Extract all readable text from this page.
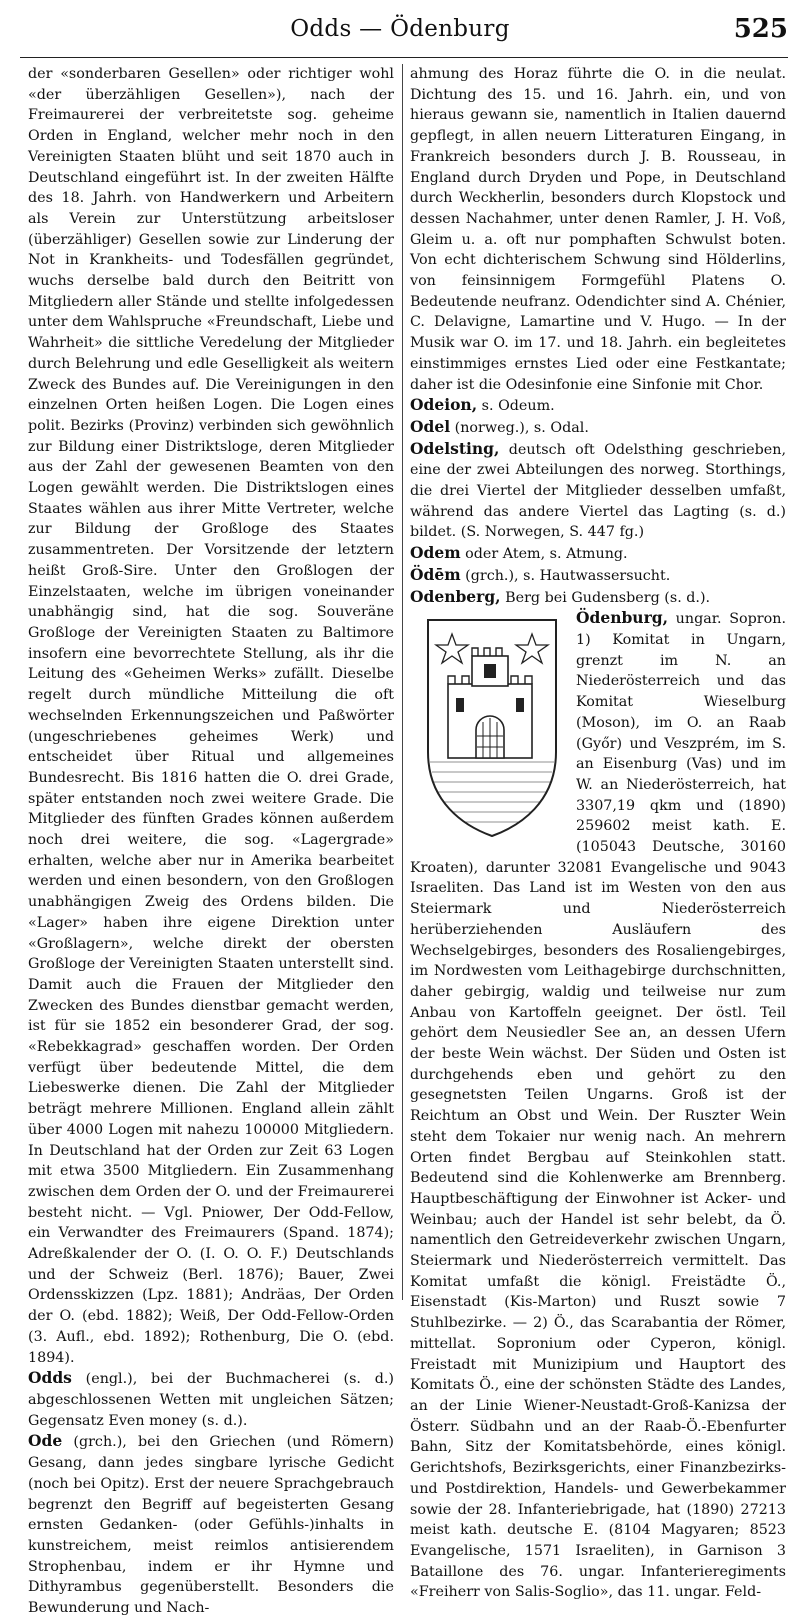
Odds — Ödenburg	525

der «sonderbaren Gesellen» oder richtiger wohl «der überzähligen Gesellen»), nach der Freimaurerei der verbreitetste sog. geheime Orden in England, welcher mehr noch in den Vereinigten Staaten blüht und seit 1870 auch in Deutschland eingeführt ist. In der zweiten Hälfte des 18. Jahrh. von Handwerkern und Arbeitern als Verein zur Unterstützung arbeitsloser (überzähliger) Gesellen sowie zur Linderung der Not in Krankheits- und Todesfällen gegründet, wuchs derselbe bald durch den Beitritt von Mitgliedern aller Stände und stellte infolgedessen unter dem Wahlspruche «Freundschaft, Liebe und Wahrheit» die sittliche Veredelung der Mitglieder durch Belehrung und edle Geselligkeit als weitern Zweck des Bundes auf. Die Vereinigungen in den einzelnen Orten heißen Logen. Die Logen eines polit. Bezirks (Provinz) verbinden sich gewöhnlich zur Bildung einer Distriktsloge, deren Mitglieder aus der Zahl der gewesenen Beamten von den Logen gewählt werden. Die Distriktslogen eines Staates wählen aus ihrer Mitte Vertreter, welche zur Bildung der Großloge des Staates zusammentreten. Der Vorsitzende der letztern heißt Groß-Sire. Unter den Großlogen der Einzelstaaten, welche im übrigen voneinander unabhängig sind, hat die sog. Souveräne Großloge der Vereinigten Staaten zu Baltimore insofern eine bevorrechtete Stellung, als ihr die Leitung des «Geheimen Werks» zufällt. Dieselbe regelt durch mündliche Mitteilung die oft wechselnden Erkennungszeichen und Paßwörter (ungeschriebenes geheimes Werk) und entscheidet über Ritual und allgemeines Bundesrecht. Bis 1816 hatten die O. drei Grade, später entstanden noch zwei weitere Grade. Die Mitglieder des fünften Grades können außerdem noch drei weitere, die sog. «Lagergrade» erhalten, welche aber nur in Amerika bearbeitet werden und einen besondern, von den Großlogen unabhängigen Zweig des Ordens bilden. Die «Lager» haben ihre eigene Direktion unter «Großlagern», welche direkt der obersten Großloge der Vereinigten Staaten unterstellt sind. Damit auch die Frauen der Mitglieder den Zwecken des Bundes dienstbar gemacht werden, ist für sie 1852 ein besonderer Grad, der sog. «Rebekkagrad» geschaffen worden. Der Orden verfügt über bedeutende Mittel, die dem Liebeswerke dienen. Die Zahl der Mitglieder beträgt mehrere Millionen. England allein zählt über 4000 Logen mit nahezu 100000 Mitgliedern. In Deutschland hat der Orden zur Zeit 63 Logen mit etwa 3500 Mitgliedern. Ein Zusammenhang zwischen dem Orden der O. und der Freimaurerei besteht nicht. — Vgl. Pniower, Der Odd-Fellow, ein Verwandter des Freimaurers (Spand. 1874); Adreßkalender der O. (I. O. O. F.) Deutschlands und der Schweiz (Berl. 1876); Bauer, Zwei Ordensskizzen (Lpz. 1881); Andräas, Der Orden der O. (ebd. 1882); Weiß, Der Odd-Fellow-Orden (3. Aufl., ebd. 1892); Rothenburg, Die O. (ebd. 1894).

Odds (engl.), bei der Buchmacherei (s. d.) abgeschlossenen Wetten mit ungleichen Sätzen; Gegensatz Even money (s. d.).

Ode (grch.), bei den Griechen (und Römern) Gesang, dann jedes singbare lyrische Gedicht (noch bei Opitz). Erst der neuere Sprachgebrauch begrenzt den Begriff auf begeisterten Gesang ernsten Gedanken- (oder Gefühls-)inhalts in kunstreichem, meist reimlos antisierendem Strophenbau, indem er ihr Hymne und Dithyrambus gegenüberstellt. Besonders die Bewunderung und Nach-

ahmung des Horaz führte die O. in die neulat. Dichtung des 15. und 16. Jahrh. ein, und von hieraus gewann sie, namentlich in Italien dauernd gepflegt, in allen neuern Litteraturen Eingang, in Frankreich besonders durch J. B. Rousseau, in England durch Dryden und Pope, in Deutschland durch Weckherlin, besonders durch Klopstock und dessen Nachahmer, unter denen Ramler, J. H. Voß, Gleim u. a. oft nur pomphaften Schwulst boten. Von echt dichterischem Schwung sind Hölderlins, von feinsinnigem Formgefühl Platens O. Bedeutende neufranz. Odendichter sind A. Chénier, C. Delavigne, Lamartine und V. Hugo. — In der Musik war O. im 17. und 18. Jahrh. ein begleitetes einstimmiges ernstes Lied oder eine Festkantate; daher ist die Odesinfonie eine Sinfonie mit Chor.

Odeion, s. Odeum.

Odel (norweg.), s. Odal.

Odelsting, deutsch oft Odelsthing geschrieben, eine der zwei Abteilungen des norweg. Storthings, die drei Viertel der Mitglieder desselben umfaßt, während das andere Viertel das Lagting (s. d.) bildet. (S. Norwegen, S. 447 fg.)

Odem oder Atem, s. Atmung.

Ödēm (grch.), s. Hautwassersucht.

Odenberg, Berg bei Gudensberg (s. d.).

Ödenburg, ungar. Sopron. 1) Komitat in Ungarn, grenzt im N. an Niederösterreich und das Komitat Wieselburg (Moson), im O. an Raab (Győr) und Veszprém, im S. an Eisenburg (Vas) und im W. an Niederösterreich, hat 3307,19 qkm und (1890) 259602 meist kath. E. (105043 Deutsche, 30160 Kroaten), darunter 32081 Evangelische und 9043 Israeliten. Das Land ist im Westen von den aus Steiermark und Niederösterreich herüberziehenden Ausläufern des Wechselgebirges, besonders des Rosaliengebirges, im Nordwesten vom Leithagebirge durchschnitten, daher gebirgig, waldig und teilweise nur zum Anbau von Kartoffeln geeignet. Der östl. Teil gehört dem Neusiedler See an, an dessen Ufern der beste Wein wächst. Der Süden und Osten ist durchgehends eben und gehört zu den gesegnetsten Teilen Ungarns. Groß ist der Reichtum an Obst und Wein. Der Ruszter Wein steht dem Tokaier nur wenig nach. An mehrern Orten findet Bergbau auf Steinkohlen statt. Bedeutend sind die Kohlenwerke am Brennberg. Hauptbeschäftigung der Einwohner ist Acker- und Weinbau; auch der Handel ist sehr belebt, da Ö. namentlich den Getreideverkehr zwischen Ungarn, Steiermark und Niederösterreich vermittelt. Das Komitat umfaßt die königl. Freistädte Ö., Eisenstadt (Kis-Marton) und Ruszt sowie 7 Stuhlbezirke. — 2) Ö., das Scarabantia der Römer, mittellat. Sopronium oder Cyperon, königl. Freistadt mit Munizipium und Hauptort des Komitats Ö., eine der schönsten Städte des Landes, an der Linie Wiener-Neustadt-Groß-Kanizsa der Österr. Südbahn und an der Raab-Ö.-Ebenfurter Bahn, Sitz der Komitatsbehörde, eines königl. Gerichtshofs, Bezirksgerichts, einer Finanzbezirks- und Postdirektion, Handels- und Gewerbekammer sowie der 28. Infanteriebrigade, hat (1890) 27213 meist kath. deutsche E. (8104 Magyaren; 8523 Evangelische, 1571 Israeliten), in Garnison 3 Bataillone des 76. ungar. Infanterieregiments «Freiherr von Salis-Soglio», das 11. ungar. Feld-
